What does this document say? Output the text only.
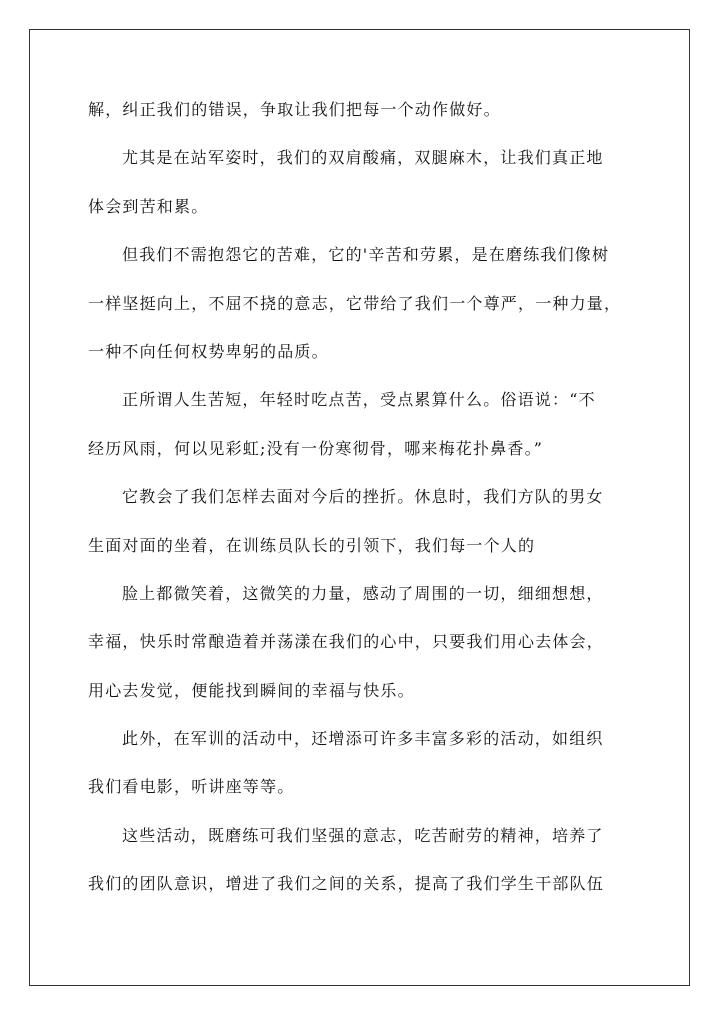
解，纠正我们的错误，争取让我们把每一个动作做好。
尤其是在站军姿时，我们的双肩酸痛，双腿麻木，让我们真正地
体会到苦和累。
但我们不需抱怨它的苦难，它的'辛苦和劳累，是在磨练我们像树
一样坚挺向上，不屈不挠的意志，它带给了我们一个尊严，一种力量，
一种不向任何权势卑躬的品质。
正所谓人生苦短，年轻时吃点苦，受点累算什么。俗语说：“不
经历风雨，何以见彩虹;没有一份寒彻骨，哪来梅花扑鼻香。”
它教会了我们怎样去面对今后的挫折。休息时，我们方队的男女
生面对面的坐着，在训练员队长的引领下，我们每一个人的
脸上都微笑着，这微笑的力量，感动了周围的一切，细细想想，
幸福，快乐时常酿造着并荡漾在我们的心中，只要我们用心去体会，
用心去发觉，便能找到瞬间的幸福与快乐。
此外，在军训的活动中，还增添可许多丰富多彩的活动，如组织
我们看电影，听讲座等等。
这些活动，既磨练可我们坚强的意志，吃苦耐劳的精神，培养了
我们的团队意识，增进了我们之间的关系，提高了我们学生干部队伍
